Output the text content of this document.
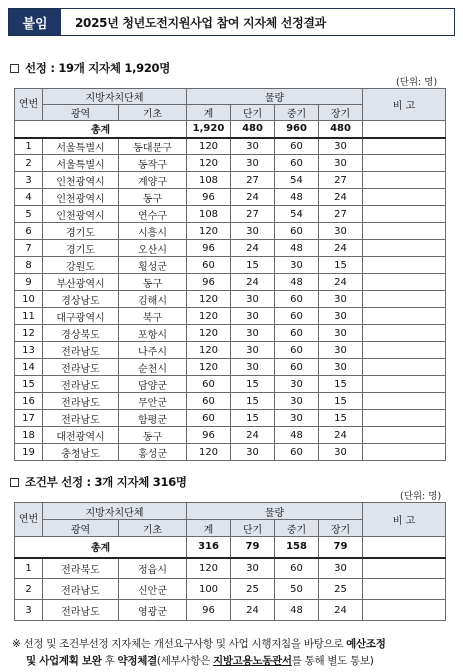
붙임	2025년 청년도전지원사업 참여 지자체 선정결과
선정 : 19개 지자체 1,920명
(단위: 명)
연번	지방자치단체		물량				비 고
	광역	기초	계	단기	중기	장기	
총계			1,920	480	960	480	
1	서울특별시	동대문구	120	30	60	30	
2	서울특별시	동작구	120	30	60	30	
3	인천광역시	계양구	108	27	54	27	
4	인천광역시	동구	96	24	48	24	
5	인천광역시	연수구	108	27	54	27	
6	경기도	시흥시	120	30	60	30	
7	경기도	오산시	96	24	48	24	
8	강원도	횡성군	60	15	30	15	
9	부산광역시	동구	96	24	48	24	
10	경상남도	김해시	120	30	60	30	
11	대구광역시	북구	120	30	60	30	
12	경상북도	포항시	120	30	60	30	
13	전라남도	나주시	120	30	60	30	
14	전라남도	순천시	120	30	60	30	
15	전라남도	담양군	60	15	30	15	
16	전라남도	무안군	60	15	30	15	
17	전라남도	함평군	60	15	30	15	
18	대전광역시	동구	96	24	48	24	
19	충청남도	홍성군	120	30	60	30	
조건부 선정 : 3개 지자체 316명
(단위: 명)
연번	지방자치단체		물량				비 고
	광역	기초	계	단기	중기	장기	
총계			316	79	158	79	
1	전라북도	정읍시	120	30	60	30	
2	전라남도	신안군	100	25	50	25	
3	전라남도	영광군	96	24	48	24	
※ 선정 및 조건부선정 지자체는 개선요구사항 및 사업 시행지침을 바탕으로 예산조정
및 사업계획 보완 후 약정체결(세부사항은 지방고용노동관서를 통해 별도 통보)
